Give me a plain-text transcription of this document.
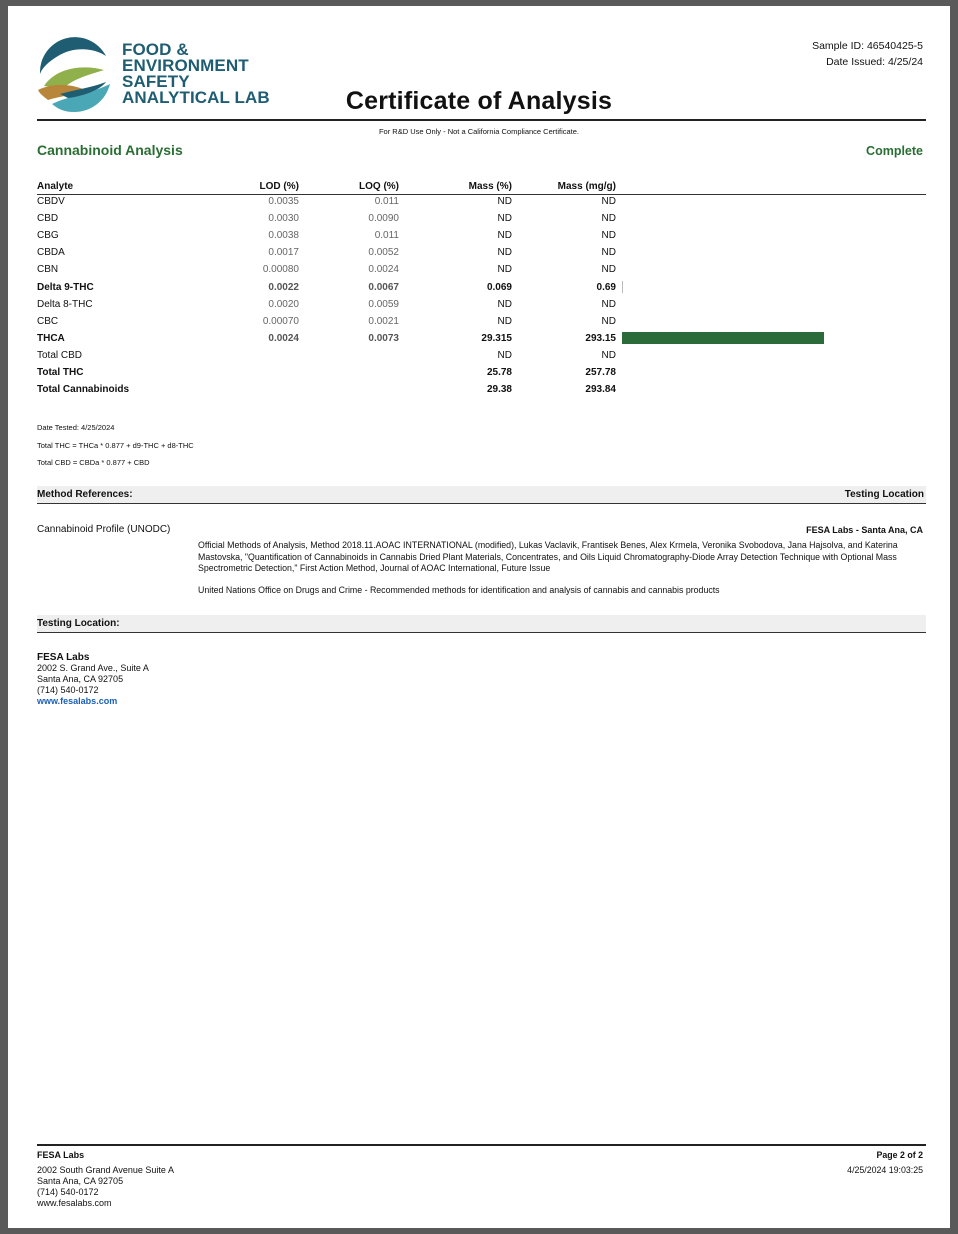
FOOD &
ENVIRONMENT
SAFETY
ANALYTICAL LAB
Sample ID: 46540425-5
Date Issued: 4/25/24
Certificate of Analysis
For R&D Use Only - Not a California Compliance Certificate.
Cannabinoid Analysis	Complete
Analyte	LOD (%)	LOQ (%)	Mass (%)	Mass (mg/g)	
CBDV	0.0035	0.011	ND	ND	
CBD	0.0030	0.0090	ND	ND	
CBG	0.0038	0.011	ND	ND	
CBDA	0.0017	0.0052	ND	ND	
CBN	0.00080	0.0024	ND	ND	
Delta 9-THC	0.0022	0.0067	0.069	0.69	
Delta 8-THC	0.0020	0.0059	ND	ND	
CBC	0.00070	0.0021	ND	ND	
THCA	0.0024	0.0073	29.315	293.15	
Total CBD			ND	ND	
Total THC			25.78	257.78	
Total Cannabinoids			29.38	293.84	
Date Tested: 4/25/2024
Total THC = THCa * 0.877 + d9-THC + d8-THC
Total CBD = CBDa * 0.877 + CBD
Method References:	Testing Location
Cannabinoid Profile (UNODC)	FESA Labs - Santa Ana, CA
Official Methods of Analysis, Method 2018.11.AOAC INTERNATIONAL (modified), Lukas Vaclavik, Frantisek Benes, Alex Krmela, Veronika Svobodova, Jana Hajsolva, and Katerina Mastovska, "Quantification of Cannabinoids in Cannabis Dried Plant Materials, Concentrates, and Oils Liquid Chromatography-Diode Array Detection Technique with Optional Mass Spectrometric Detection," First Action Method, Journal of AOAC International, Future Issue
United Nations Office on Drugs and Crime - Recommended methods for identification and analysis of cannabis and cannabis products
Testing Location:
FESA Labs
2002 S. Grand Ave., Suite A
Santa Ana, CA 92705
(714) 540-0172
www.fesalabs.com
FESA Labs
2002 South Grand Avenue Suite A
Santa Ana, CA 92705
(714) 540-0172
www.fesalabs.com
Page 2 of 2
4/25/2024 19:03:25
